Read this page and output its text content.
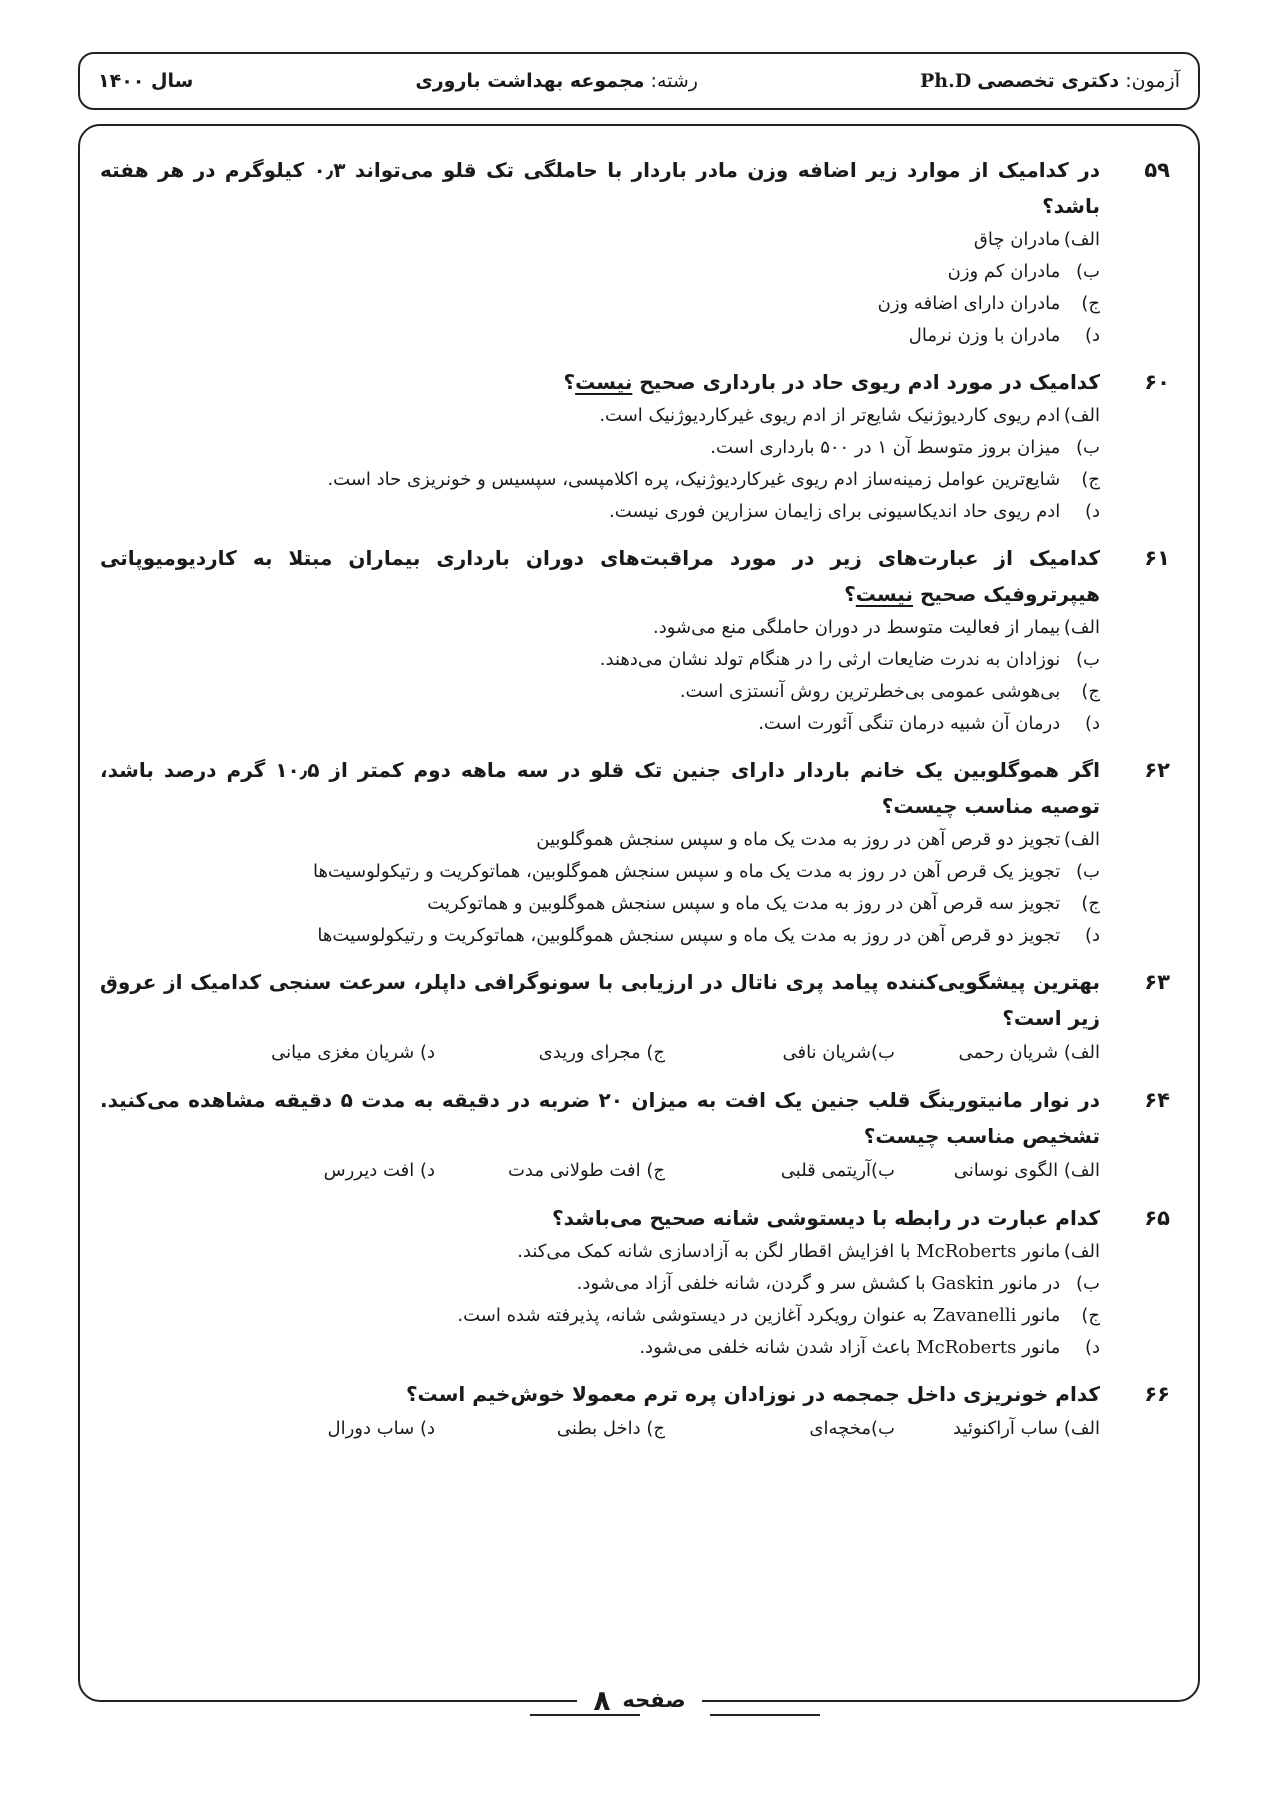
آزمون: دکتری تخصصی Ph.D
رشته: مجموعه بهداشت باروری
سال ۱۴۰۰
۵۹
در کدامیک از موارد زیر اضافه وزن مادر باردار با حاملگی تک قلو می‌تواند ۰٫۳ کیلوگرم در هر هفته باشد؟
الف) مادران چاق
ب) مادران کم وزن
ج) مادران دارای اضافه وزن
د) مادران با وزن نرمال
۶۰
کدامیک در مورد ادم ریوی حاد در بارداری صحیح نیست؟
الف) ادم ریوی کاردیوژنیک شایع‌تر از ادم ریوی غیرکاردیوژنیک است.
ب) میزان بروز متوسط آن ۱ در ۵۰۰ بارداری است.
ج) شایع‌ترین عوامل زمینه‌ساز ادم ریوی غیرکاردیوژنیک، پره اکلامپسی، سپسیس و خونریزی حاد است.
د) ادم ریوی حاد اندیکاسیونی برای زایمان سزارین فوری نیست.
۶۱
کدامیک از عبارت‌های زیر در مورد مراقبت‌های دوران بارداری بیماران مبتلا به کاردیومیوپاتی هیپرتروفیک صحیح نیست؟
الف) بیمار از فعالیت متوسط در دوران حاملگی منع می‌شود.
ب) نوزادان به ندرت ضایعات ارثی را در هنگام تولد نشان می‌دهند.
ج) بی‌هوشی عمومی بی‌خطرترین روش آنستزی است.
د) درمان آن شبیه درمان تنگی آئورت است.
۶۲
اگر هموگلوبین یک خانم باردار دارای جنین تک قلو در سه ماهه دوم کمتر از ۱۰٫۵ گرم درصد باشد، توصیه مناسب چیست؟
الف) تجویز دو قرص آهن در روز به مدت یک ماه و سپس سنجش هموگلوبین
ب) تجویز یک قرص آهن در روز به مدت یک ماه و سپس سنجش هموگلوبین، هماتوکریت و رتیکولوسیت‌ها
ج) تجویز سه قرص آهن در روز به مدت یک ماه و سپس سنجش هموگلوبین و هماتوکریت
د) تجویز دو قرص آهن در روز به مدت یک ماه و سپس سنجش هموگلوبین، هماتوکریت و رتیکولوسیت‌ها
۶۳
بهترین پیشگویی‌کننده پیامد پری ناتال در ارزیابی با سونوگرافی داپلر، سرعت سنجی کدامیک از عروق زیر است؟
الف) شریان رحمی
ب)شریان نافی
ج) مجرای وریدی
د) شریان مغزی میانی
۶۴
در نوار مانیتورینگ قلب جنین یک افت به میزان ۲۰ ضربه در دقیقه به مدت ۵ دقیقه مشاهده می‌کنید. تشخیص مناسب چیست؟
الف) الگوی نوسانی
ب)آریتمی قلبی
ج) افت طولانی مدت
د) افت دیررس
۶۵
کدام عبارت در رابطه با دیستوشی شانه صحیح می‌باشد؟
الف) مانور McRoberts با افزایش اقطار لگن به آزادسازی شانه کمک می‌کند.
ب) در مانور Gaskin با کشش سر و گردن، شانه خلفی آزاد می‌شود.
ج) مانور Zavanelli به عنوان رویکرد آغازین در دیستوشی شانه، پذیرفته شده است.
د) مانور McRoberts باعث آزاد شدن شانه خلفی می‌شود.
۶۶
کدام خونریزی داخل جمجمه در نوزادان پره ترم معمولا خوش‌خیم است؟
الف) ساب آراکنوئید
ب)مخچه‌ای
ج) داخل بطنی
د) ساب دورال
صفحه
۸
